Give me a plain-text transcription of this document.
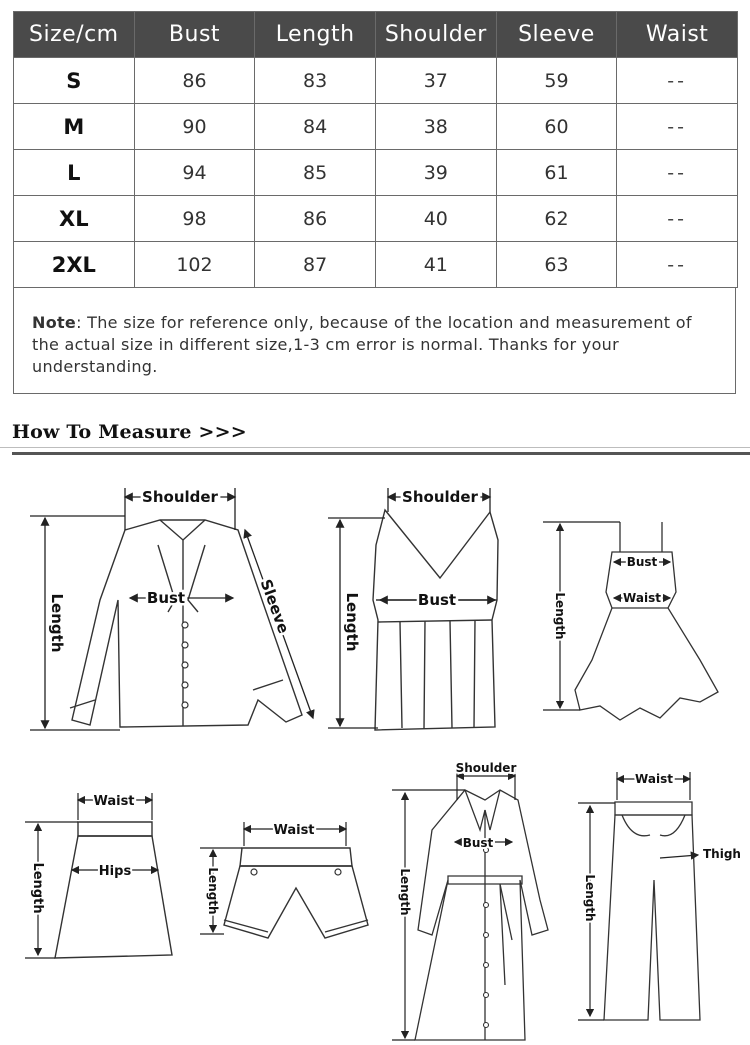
Size/cm	Bust	Length	Shoulder	Sleeve	Waist
S	86	83	37	59	--
M	90	84	38	60	--
L	94	85	39	61	--
XL	98	86	40	62	--
2XL	102	87	41	63	--
Note: The size for reference only, because of the location and measurement of the actual size in different size,1-3 cm error is normal. Thanks for your understanding.
How To Measure >>>
Shoulder
Bust
Length	Sleeve
Shoulder
Bust
Length
Bust
Waist
Length
Waist
Hips
Length
Waist
Length
Shoulder
Bust
Length
Waist
Thigh
Length
